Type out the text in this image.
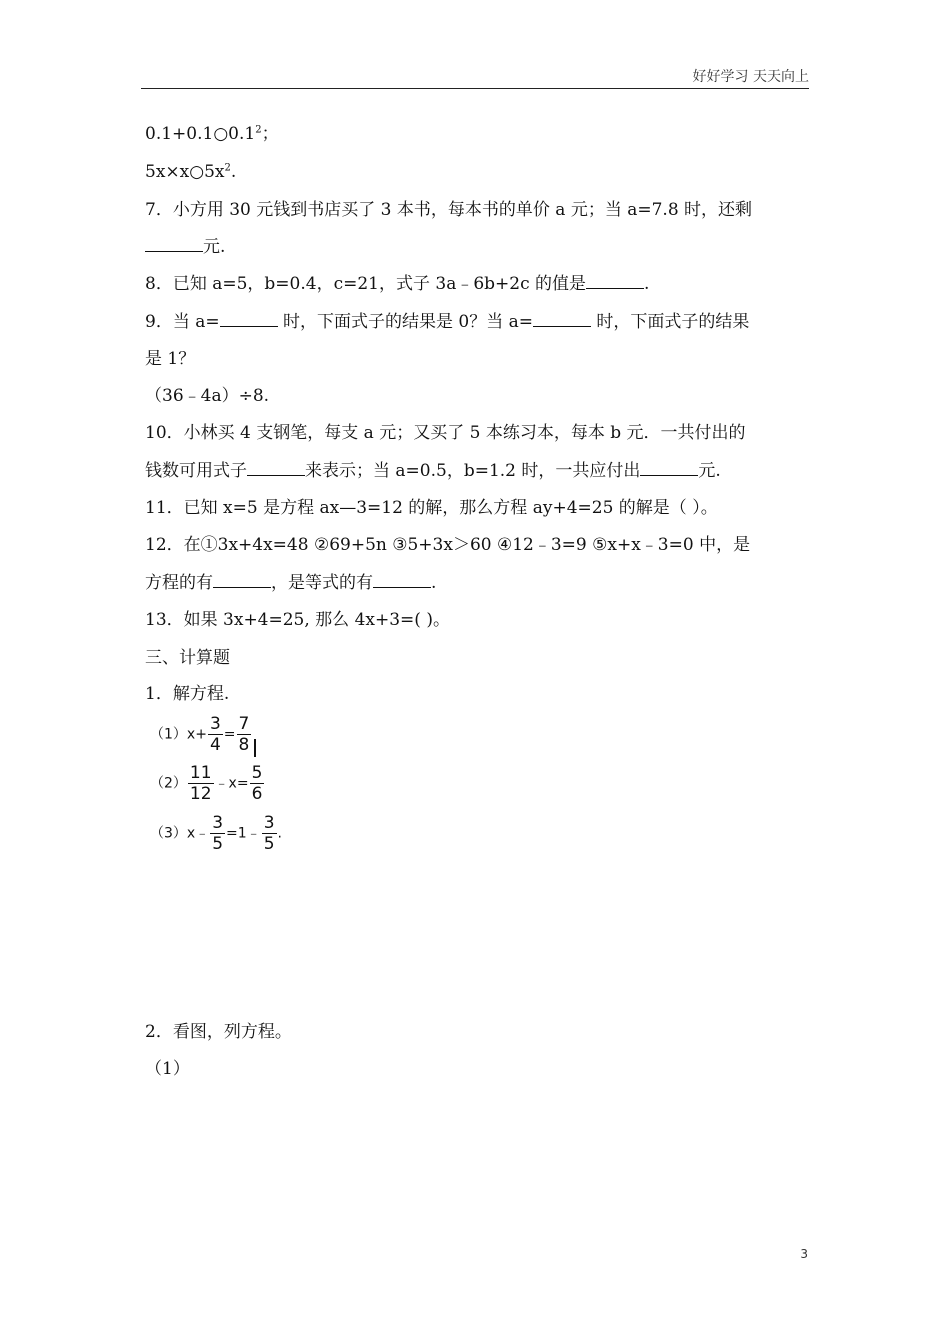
好好学习 天天向上
$0.1+0.1○0.1^2$；
$5x\times x○5x^2$.
7．小方用 30 元钱到书店买了 3 本书，每本书的单价 a 元；当 a=7.8 时，还剩
元.
8．已知 a=5，b=0.4，c=21，式子 3a﹣6b+2c 的值是	.
9．当 a=	时，下面式子的结果是 0？当 a=	时，下面式子的结果
是 1？
（36﹣4a）÷8.
10．小林买 4 支钢笔，每支 a 元；又买了 5 本练习本，每本 b 元．一共付出的
钱数可用式子	来表示；当 a=0.5，b=1.2 时，一共应付出	元.
11．已知 x=5 是方程 ax—3=12 的解，那么方程 ay+4=25 的解是（ ）。
12．在①3x+4x=48 ②69+5n ③5+3x＞60 ④12﹣3=9 ⑤x+x﹣3=0 中，是
方程的有	，是等式的有	.
13．如果 3x+4=25, 那么 4x+3=( )。
三、计算题
1．解方程.
$(1)x+ \frac{3}{4} = \frac{7}{8}$
$(2) \frac{11}{12}$ ﹣x= $\frac{5}{6}$
（3）x﹣ $\frac{3}{5}$ =1﹣ $\frac{3}{5}$ .
2．看图，列方程。
（1）
3
